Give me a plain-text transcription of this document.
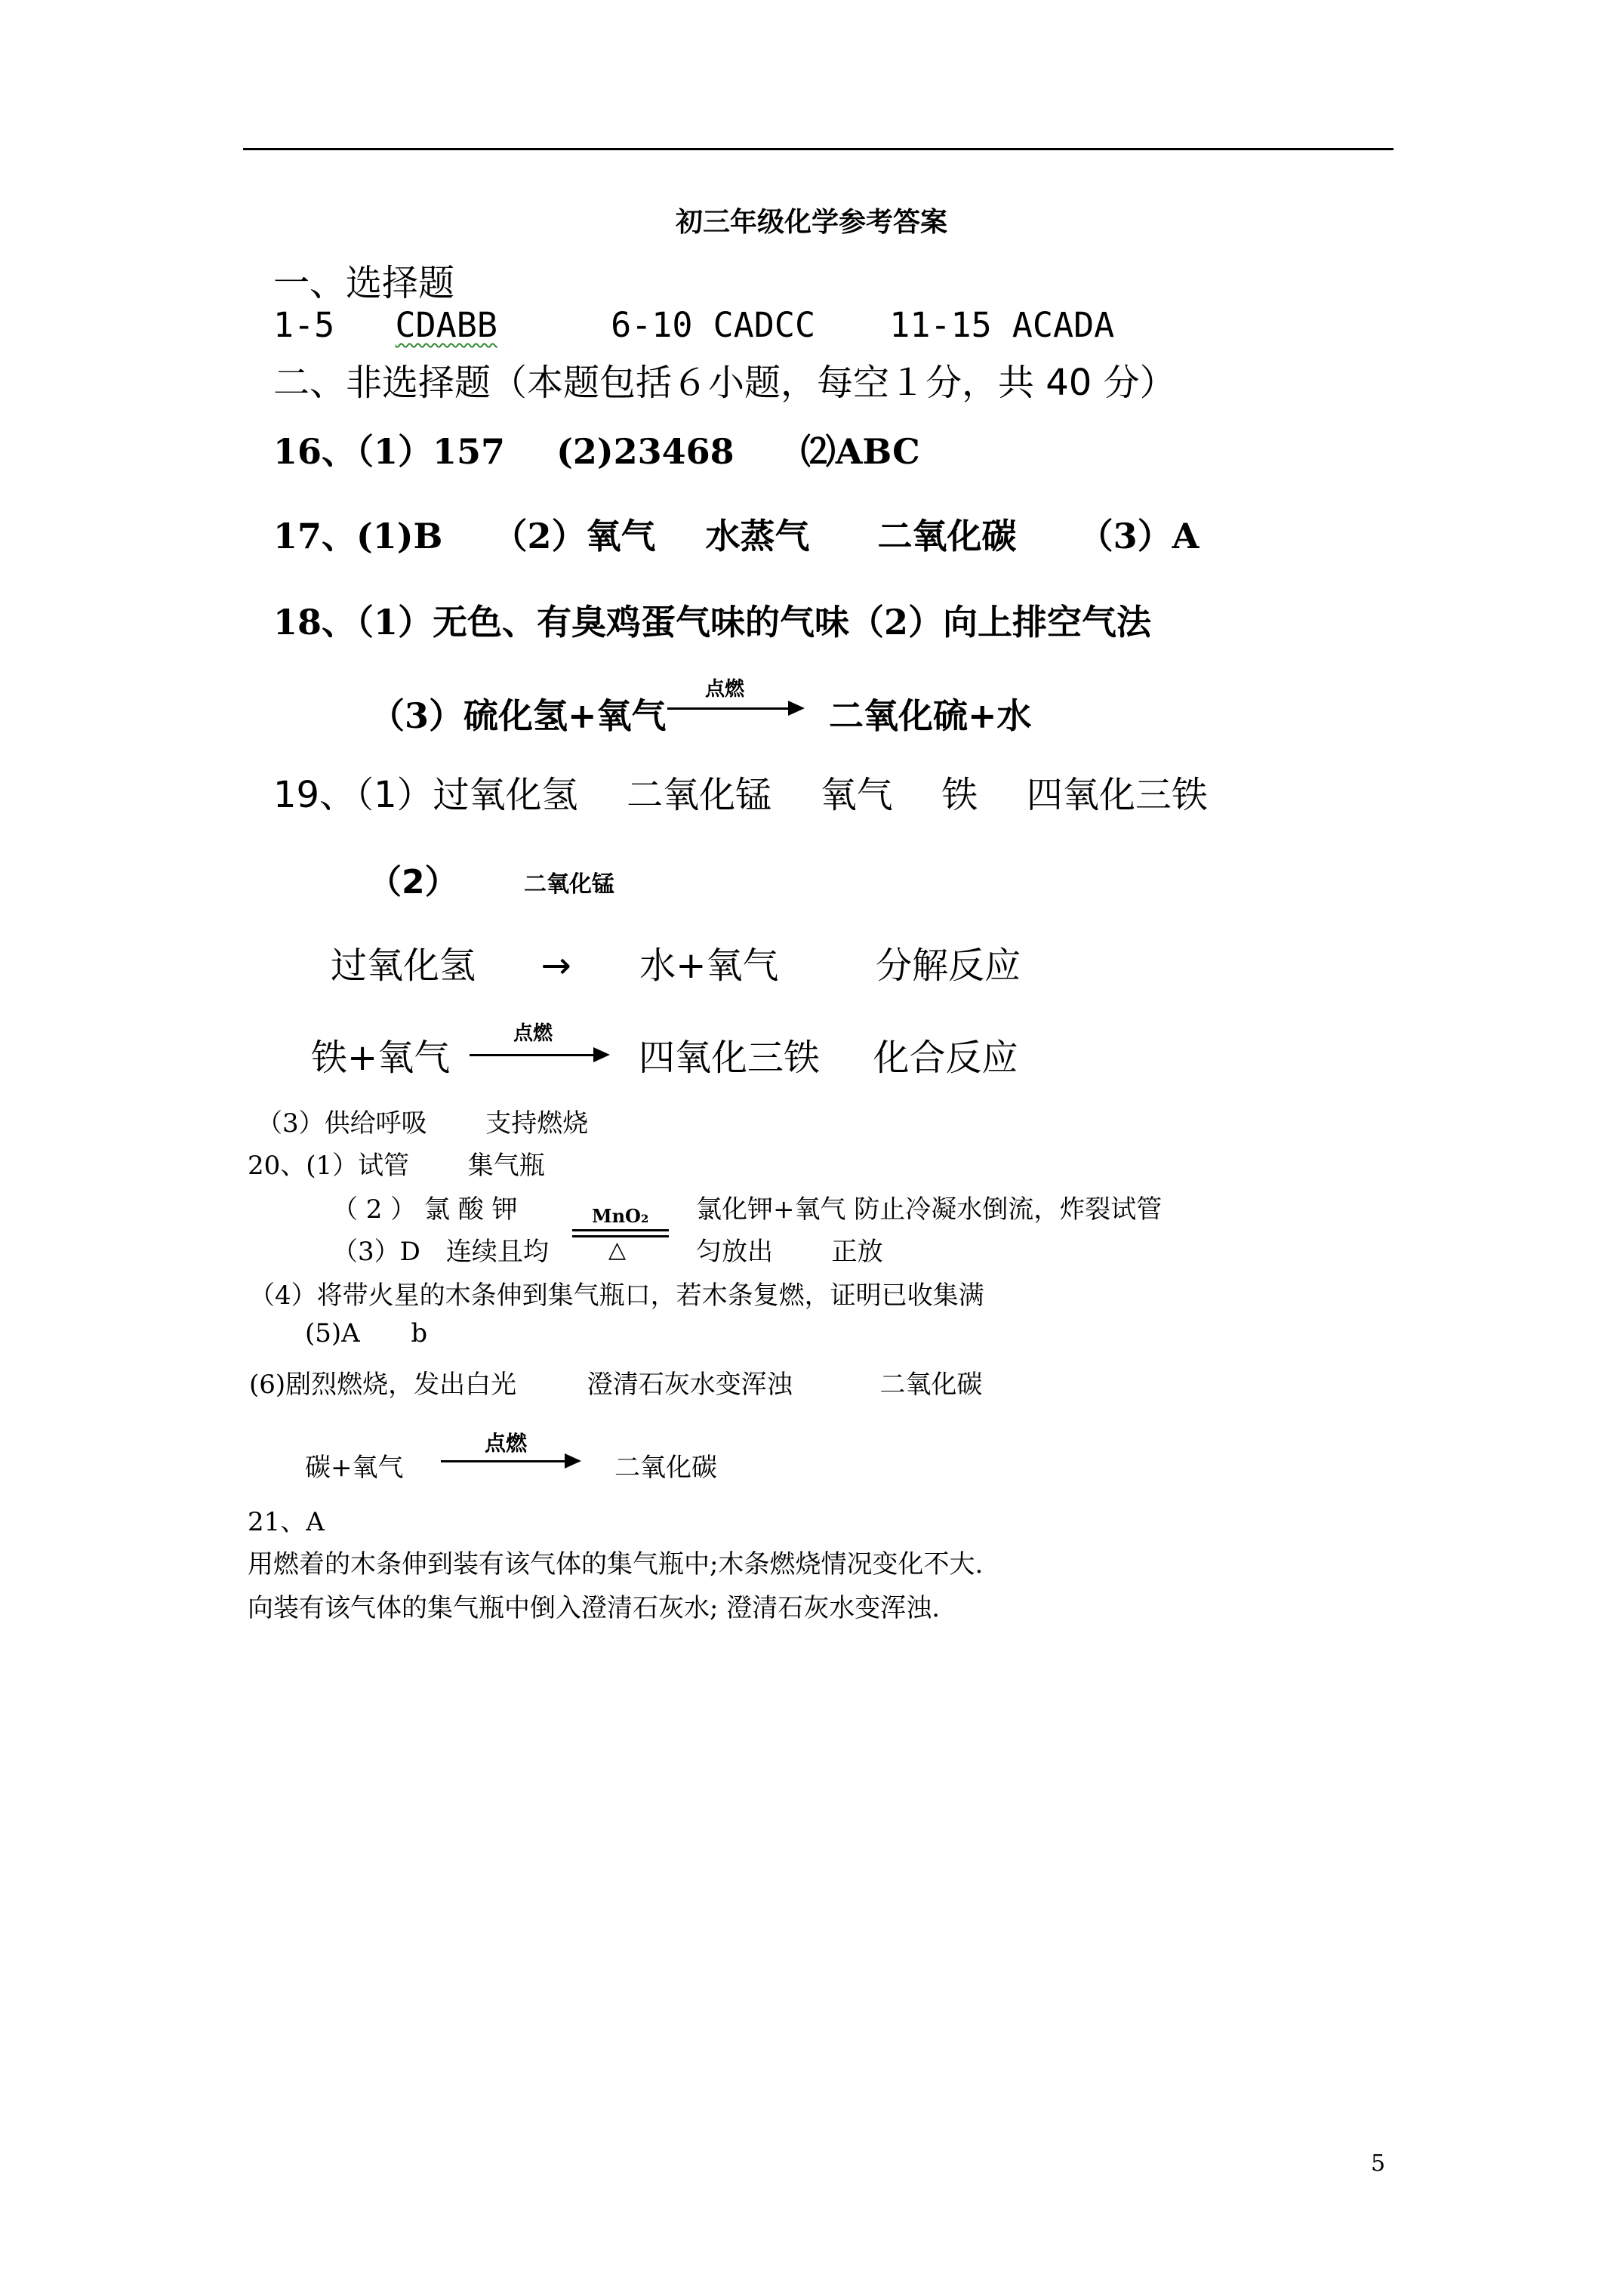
初三年级化学参考答案
一、选择题
1-5 CDABB	6-10 CADCC 11-15 ACADA
二、非选择题（本题包括６小题，每空１分，共 40 分）
16、（1）157 (2)23468 ⑵ABC
17、(1)B （2）氧气 水蒸气 二氧化碳 （3）A
18、（1）无色、有臭鸡蛋气味的气味（2）向上排空气法
（3）硫化氢+氧气
点燃
二氧化硫+水
19、（1）过氧化氢 二氧化锰 氧气 铁 四氧化三铁
（2）	二氧化锰
过氧化氢 → 水+氧气	分解反应
铁+氧气
点燃
四氧化三铁 化合反应
（3）供给呼吸 支持燃烧
20、(1）试管 集气瓶
（ 2 ） 氯 酸 钾	MnO₂
△
氯化钾+氧气 防止冷凝水倒流，炸裂试管
（3）D　连续且均	匀放出 正放
（4）将带火星的木条伸到集气瓶口，若木条复燃，证明已收集满
(5)A b
(6)剧烈燃烧，发出白光	澄清石灰水变浑浊	二氧化碳
碳+氧气
点燃
二氧化碳
21、A
用燃着的木条伸到装有该气体的集气瓶中;木条燃烧情况变化不大.
向装有该气体的集气瓶中倒入澄清石灰水; 澄清石灰水变浑浊.
5
